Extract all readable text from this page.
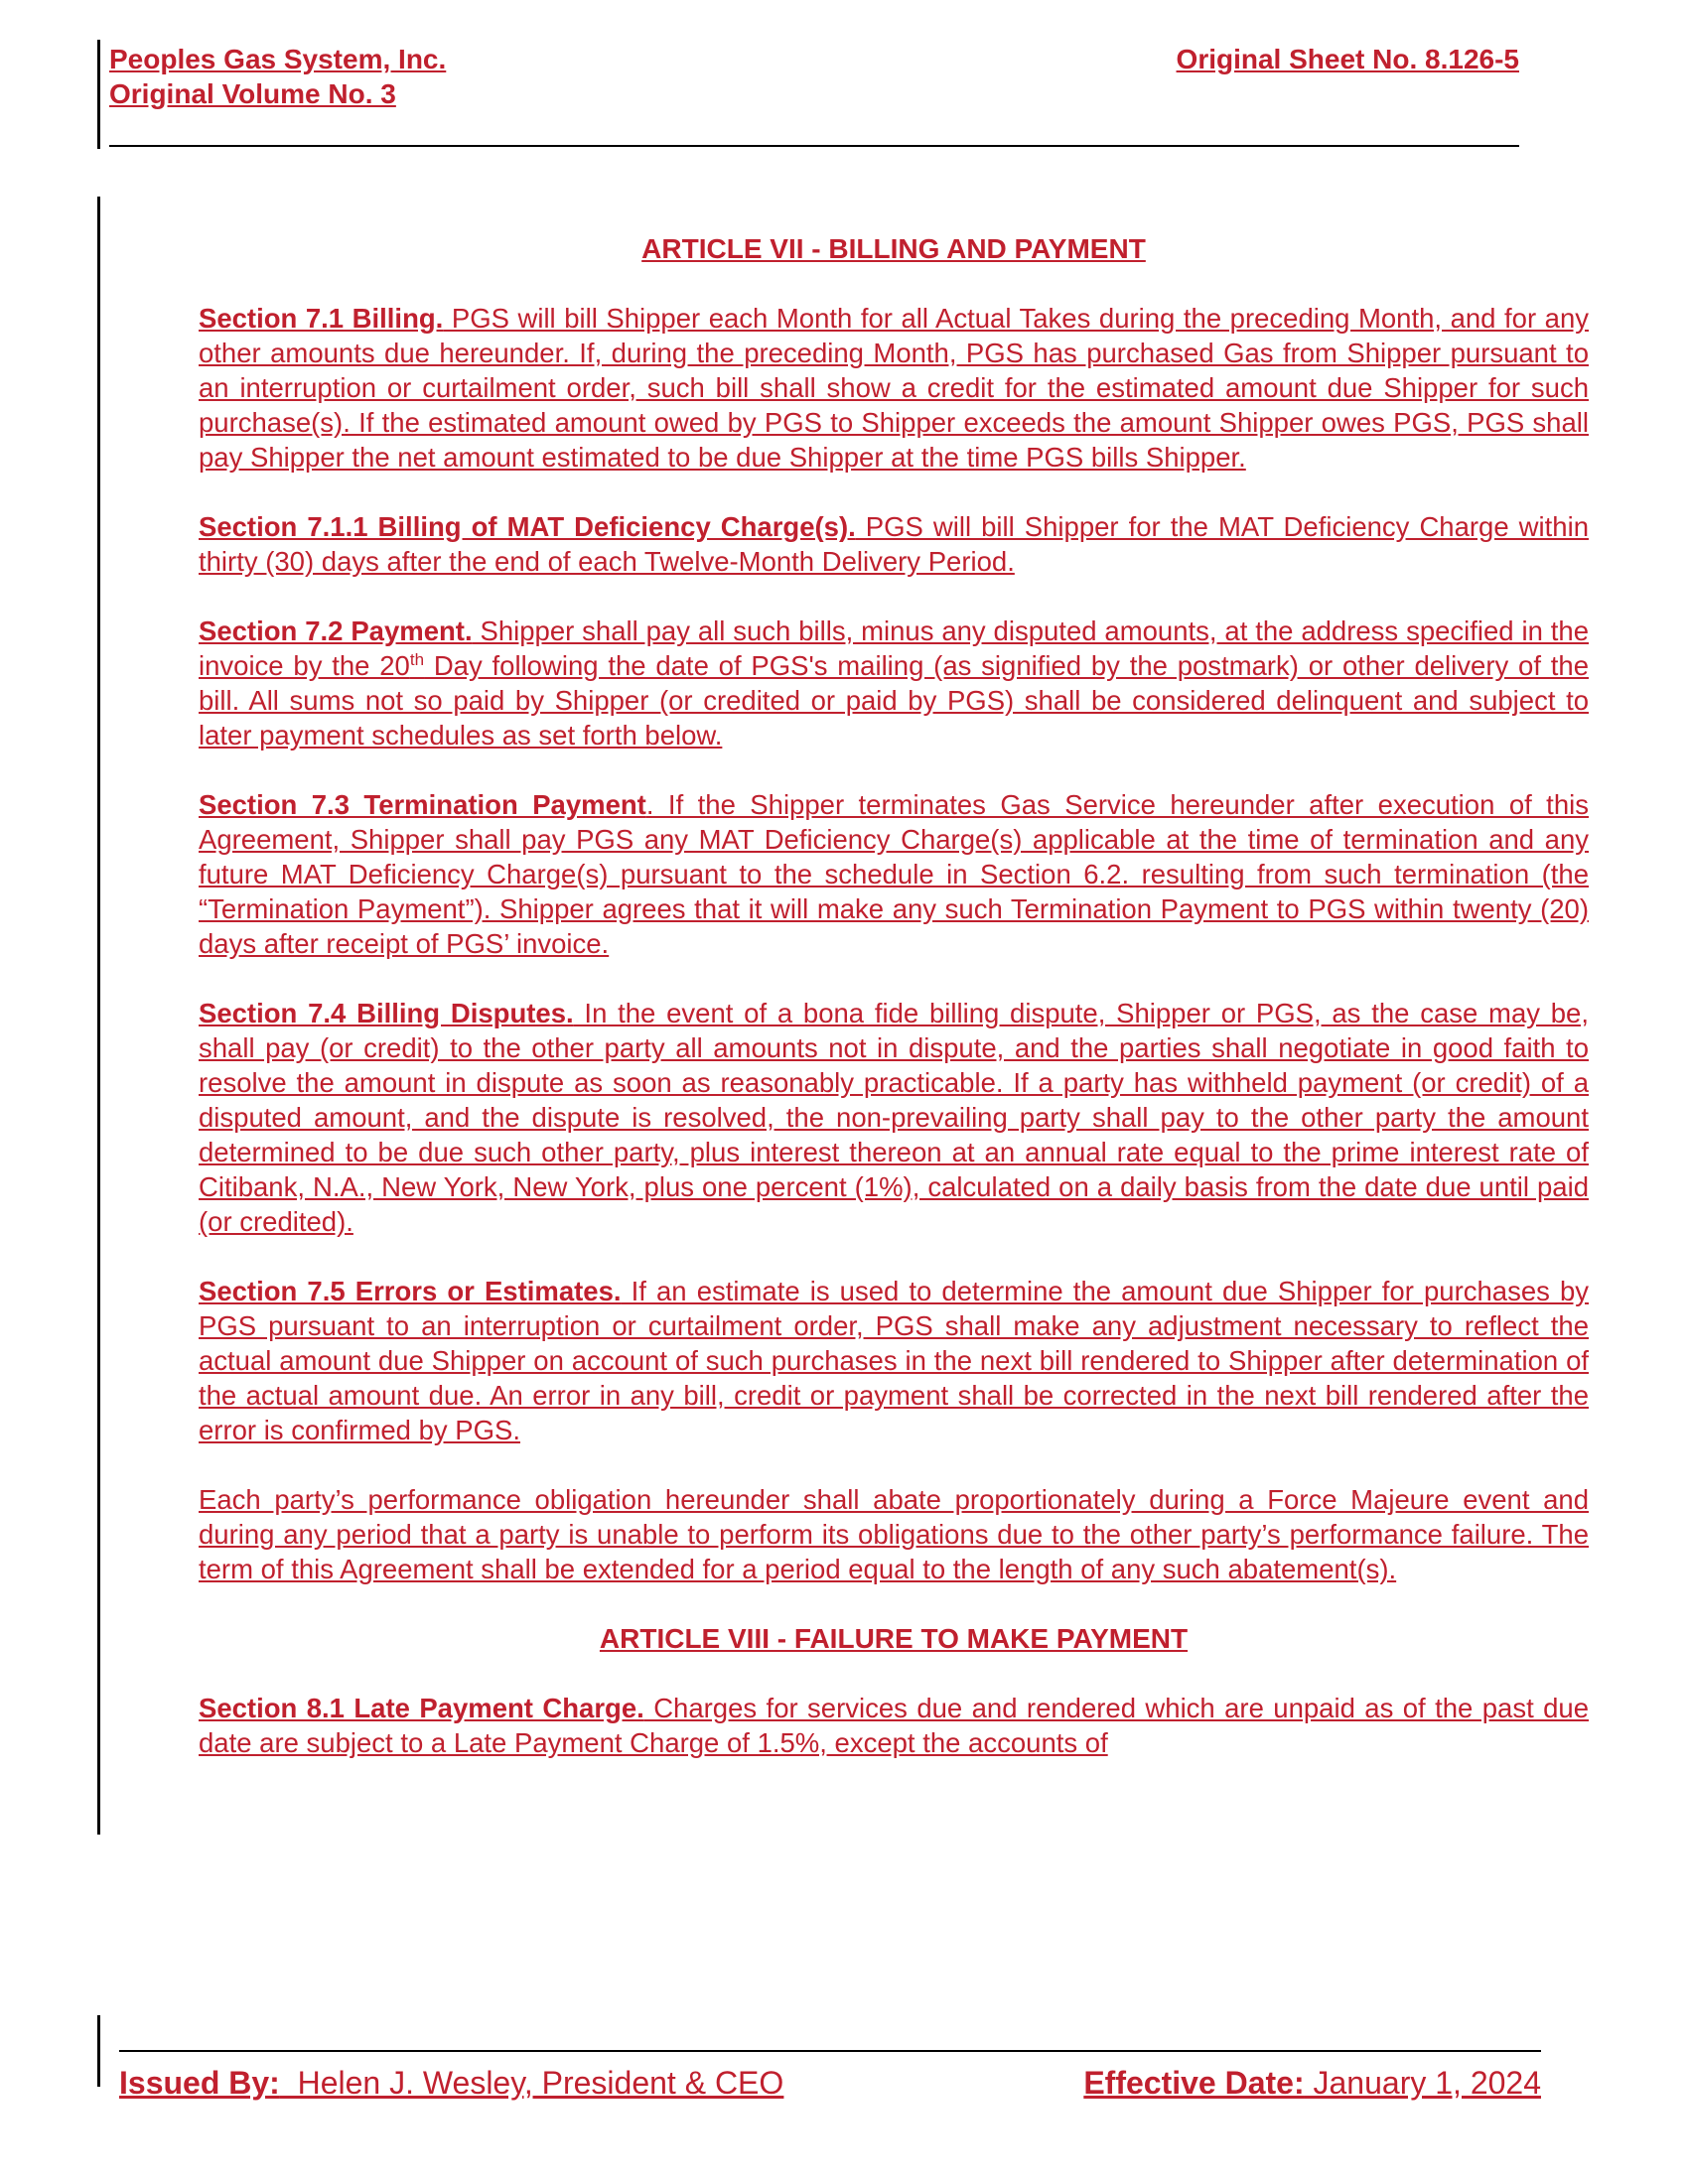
Peoples Gas System, Inc.	Original Sheet No. 8.126-5
Original Volume No. 3
ARTICLE VII - BILLING AND PAYMENT

Section 7.1 Billing. PGS will bill Shipper each Month for all Actual Takes during the preceding Month, and for any other amounts due hereunder. If, during the preceding Month, PGS has purchased Gas from Shipper pursuant to an interruption or curtailment order, such bill shall show a credit for the estimated amount due Shipper for such purchase(s). If the estimated amount owed by PGS to Shipper exceeds the amount Shipper owes PGS, PGS shall pay Shipper the net amount estimated to be due Shipper at the time PGS bills Shipper.

Section 7.1.1 Billing of MAT Deficiency Charge(s). PGS will bill Shipper for the MAT Deficiency Charge within thirty (30) days after the end of each Twelve-Month Delivery Period.

Section 7.2 Payment. Shipper shall pay all such bills, minus any disputed amounts, at the address specified in the invoice by the 20th Day following the date of PGS's mailing (as signified by the postmark) or other delivery of the bill. All sums not so paid by Shipper (or credited or paid by PGS) shall be considered delinquent and subject to later payment schedules as set forth below.

Section 7.3 Termination Payment. If the Shipper terminates Gas Service hereunder after execution of this Agreement, Shipper shall pay PGS any MAT Deficiency Charge(s) applicable at the time of termination and any future MAT Deficiency Charge(s) pursuant to the schedule in Section 6.2. resulting from such termination (the “Termination Payment”). Shipper agrees that it will make any such Termination Payment to PGS within twenty (20) days after receipt of PGS’ invoice.

Section 7.4 Billing Disputes. In the event of a bona fide billing dispute, Shipper or PGS, as the case may be, shall pay (or credit) to the other party all amounts not in dispute, and the parties shall negotiate in good faith to resolve the amount in dispute as soon as reasonably practicable. If a party has withheld payment (or credit) of a disputed amount, and the dispute is resolved, the non-prevailing party shall pay to the other party the amount determined to be due such other party, plus interest thereon at an annual rate equal to the prime interest rate of Citibank, N.A., New York, New York, plus one percent (1%), calculated on a daily basis from the date due until paid (or credited).

Section 7.5 Errors or Estimates. If an estimate is used to determine the amount due Shipper for purchases by PGS pursuant to an interruption or curtailment order, PGS shall make any adjustment necessary to reflect the actual amount due Shipper on account of such purchases in the next bill rendered to Shipper after determination of the actual amount due. An error in any bill, credit or payment shall be corrected in the next bill rendered after the error is confirmed by PGS.

Each party’s performance obligation hereunder shall abate proportionately during a Force Majeure event and during any period that a party is unable to perform its obligations due to the other party’s performance failure. The term of this Agreement shall be extended for a period equal to the length of any such abatement(s).

ARTICLE VIII - FAILURE TO MAKE PAYMENT

Section 8.1 Late Payment Charge. Charges for services due and rendered which are unpaid as of the past due date are subject to a Late Payment Charge of 1.5%, except the accounts of

Issued By:  Helen J. Wesley, President & CEO	Effective Date: January 1, 2024
